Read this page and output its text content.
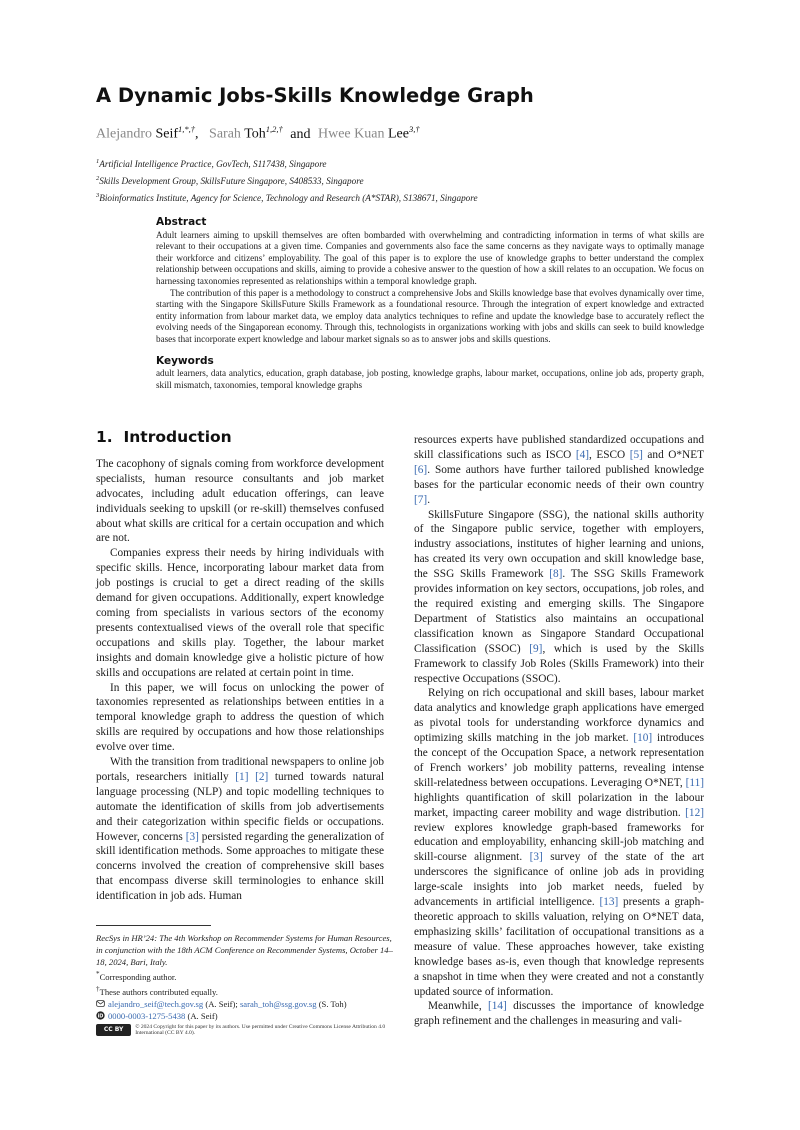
A Dynamic Jobs-Skills Knowledge Graph
Alejandro Seif$^{1,*,\dagger}$, Sarah Toh$^{1,2,\dagger}$ and Hwee Kuan Lee$^{3,\dagger}$
$^1$Artificial Intelligence Practice, GovTech, S117438, Singapore
$^2$Skills Development Group, SkillsFuture Singapore, S408533, Singapore
$^3$Bioinformatics Institute, Agency for Science, Technology and Research (A*STAR), S138671, Singapore
Abstract

Adult learners aiming to upskill themselves are often bombarded with overwhelming and contradicting information in terms of what skills are relevant to their occupations at a given time. Companies and governments also face the same concerns as they navigate ways to optimally manage their workforce and citizens’ employability. The goal of this paper is to explore the use of knowledge graphs to better understand the complex relationship between occupations and skills, aiming to provide a cohesive answer to the question of how a skill relates to an occupation. We focus on harnessing taxonomies represented as relationships within a temporal knowledge graph.

The contribution of this paper is a methodology to construct a comprehensive Jobs and Skills knowledge base that evolves dynamically over time, starting with the Singapore SkillsFuture Skills Framework as a foundational resource. Through the integration of expert knowledge and extracted entity information from labour market data, we employ data analytics techniques to refine and update the knowledge base to accurately reflect the evolving needs of the Singaporean economy. Through this, technologists in organizations working with jobs and skills can seek to build knowledge bases that incorporate expert knowledge and labour market signals so as to answer jobs and skills questions.

Keywords

adult learners, data analytics, education, graph database, job posting, knowledge graphs, labour market, occupations, online job ads, property graph, skill mismatch, taxonomies, temporal knowledge graphs

1. Introduction

The cacophony of signals coming from workforce development specialists, human resource consultants and job market advocates, including adult education offerings, can leave individuals seeking to upskill (or re-skill) themselves confused about what skills are critical for a certain occupation and which are not.

Companies express their needs by hiring individuals with specific skills. Hence, incorporating labour market data from job postings is crucial to get a direct reading of the skills demand for given occupations. Additionally, expert knowledge coming from specialists in various sectors of the economy presents contextualised views of the overall role that specific occupations and skills play. Together, the labour market insights and domain knowledge give a holistic picture of how skills and occupations are related at certain point in time.

In this paper, we will focus on unlocking the power of taxonomies represented as relationships between entities in a temporal knowledge graph to address the question of which skills are required by occupations and how those relationships evolve over time.

With the transition from traditional newspapers to online job portals, researchers initially [1] [2] turned towards natural language processing (NLP) and topic modelling techniques to automate the identification of skills from job advertisements and their categorization within specific fields or occupations. However, concerns [3] persisted regarding the generalization of skill identification methods. Some approaches to mitigate these concerns involved the creation of comprehensive skill bases that encompass diverse skill terminologies to enhance skill identification in job ads. Human

resources experts have published standardized occupations and skill classifications such as ISCO [4], ESCO [5] and O*NET [6]. Some authors have further tailored published knowledge bases for the particular economic needs of their own country [7].

SkillsFuture Singapore (SSG), the national skills authority of the Singapore public service, together with employers, industry associations, institutes of higher learning and unions, has created its very own occupation and skill knowledge base, the SSG Skills Framework [8]. The SSG Skills Framework provides information on key sectors, occupations, job roles, and the required existing and emerging skills. The Singapore Department of Statistics also maintains an occupational classification known as Singapore Standard Occupational Classification (SSOC) [9], which is used by the Skills Framework to classify Job Roles (Skills Framework) into their respective Occupations (SSOC).

Relying on rich occupational and skill bases, labour market data analytics and knowledge graph applications have emerged as pivotal tools for understanding workforce dynamics and optimizing skills matching in the job market. [10] introduces the concept of the Occupation Space, a network representation of French workers’ job mobility patterns, revealing intense skill-relatedness between occupations. Leveraging O*NET, [11] highlights quantification of skill polarization in the labour market, impacting career mobility and wage distribution. [12] review explores knowledge graph-based frameworks for education and employability, enhancing skill-job matching and skill-course alignment. [3] survey of the state of the art underscores the significance of online job ads in providing large-scale insights into job market needs, fueled by advancements in artificial intelligence. [13] presents a graph-theoretic approach to skills valuation, relying on O*NET data, emphasizing skills’ facilitation of occupational transitions as a measure of value. These approaches however, take existing knowledge bases as-is, even though that knowledge represents a snapshot in time when they were created and not a constantly updated source of information.

Meanwhile, [14] discusses the importance of knowledge graph refinement and the challenges in measuring and vali-

RecSys in HR’24: The 4th Workshop on Recommender Systems for Human Resources, in conjunction with the 18th ACM Conference on Recommender Systems, October 14–18, 2024, Bari, Italy.
*Corresponding author.
†These authors contributed equally.
alejandro_seif@tech.gov.sg (A. Seif); sarah_toh@ssg.gov.sg (S. Toh)
iD 0000-0003-1275-5438 (A. Seif)
CC BY	© 2024 Copyright for this paper by its authors. Use permitted under Creative Commons License Attribution 4.0 International (CC BY 4.0).
